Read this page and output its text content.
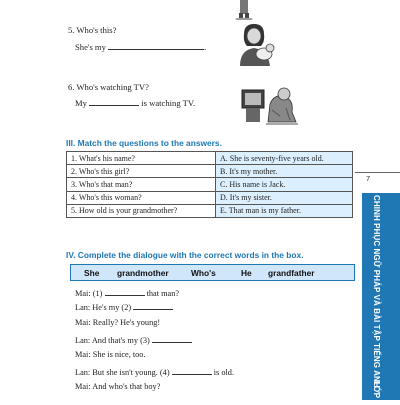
5. Who's this?
She's my	.
6. Who's watching TV?
My	is watching TV.
III. Match the questions to the answers.
1. What's his name?	A. She is seventy-five years old.
2. Who's this girl?	B. It's my mother.
3. Who's that man?	C. His name is Jack.
4. Who's this woman?	D. It's my sister.
5. How old is your grandmother?	E. That man is my father.
7
CHINH PHỤC NGỮ PHÁP VÀ BÀI TẬP TIẾNG ANH
LỚP 3
IV. Complete the dialogue with the correct words in the box.
She grandmother	Who's	He grandfather
Mai: (1)	that man?
Lan: He's my (2)
Mai: Really? He's young!
Lan: And that's my (3)
Mai: She is nice, too.
Lan: But she isn't young. (4)	is old.
Mai: And who's that boy?
